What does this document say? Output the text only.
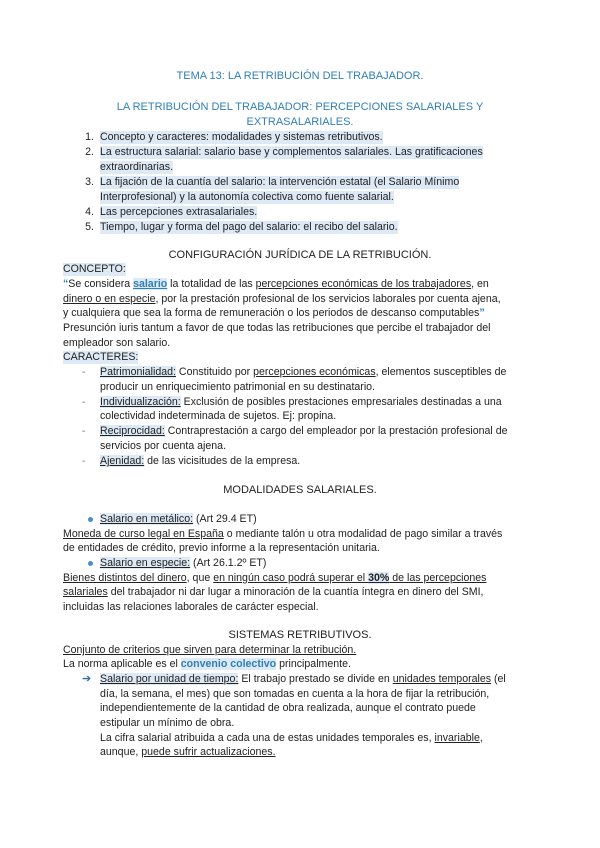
TEMA 13: LA RETRIBUCIÓN DEL TRABAJADOR.
LA RETRIBUCIÓN DEL TRABAJADOR: PERCEPCIONES SALARIALES Y
EXTRASALARIALES.
1. Concepto y caracteres: modalidades y sistemas retributivos.
2. La estructura salarial: salario base y complementos salariales. Las gratificaciones
extraordinarias.
3. La fijación de la cuantía del salario: la intervención estatal (el Salario Mínimo
Interprofesional) y la autonomía colectiva como fuente salarial.
4. Las percepciones extrasalariales.
5. Tiempo, lugar y forma del pago del salario: el recibo del salario.
CONFIGURACIÓN JURÍDICA DE LA RETRIBUCIÓN.
CONCEPTO:
“Se considera salario la totalidad de las percepciones económicas de los trabajadores, en
dinero o en especie, por la prestación profesional de los servicios laborales por cuenta ajena,
y cualquiera que sea la forma de remuneración o los periodos de descanso computables”
Presunción iuris tantum a favor de que todas las retribuciones que percibe el trabajador del
empleador son salario.
CARACTERES:
- Patrimonialidad: Constituido por percepciones económicas, elementos susceptibles de
producir un enriquecimiento patrimonial en su destinatario.
- Individualización: Exclusión de posibles prestaciones empresariales destinadas a una
colectividad indeterminada de sujetos. Ej: propina.
- Reciprocidad: Contraprestación a cargo del empleador por la prestación profesional de
servicios por cuenta ajena.
- Ajenidad: de las vicisitudes de la empresa.
MODALIDADES SALARIALES.
Salario en metálico: (Art 29.4 ET)
Moneda de curso legal en España o mediante talón u otra modalidad de pago similar a través
de entidades de crédito, previo informe a la representación unitaria.
Salario en especie: (Art 26.1.2º ET)
Bienes distintos del dinero, que en ningún caso podrá superar el 30% de las percepciones
salariales del trabajador ni dar lugar a minoración de la cuantía íntegra en dinero del SMI,
incluidas las relaciones laborales de carácter especial.
SISTEMAS RETRIBUTIVOS.
Conjunto de criterios que sirven para determinar la retribución.
La norma aplicable es el convenio colectivo principalmente.
➔ Salario por unidad de tiempo: El trabajo prestado se divide en unidades temporales (el
día, la semana, el mes) que son tomadas en cuenta a la hora de fijar la retribución,
independientemente de la cantidad de obra realizada, aunque el contrato puede
estipular un mínimo de obra.
La cifra salarial atribuida a cada una de estas unidades temporales es, invariable,
aunque, puede sufrir actualizaciones.
